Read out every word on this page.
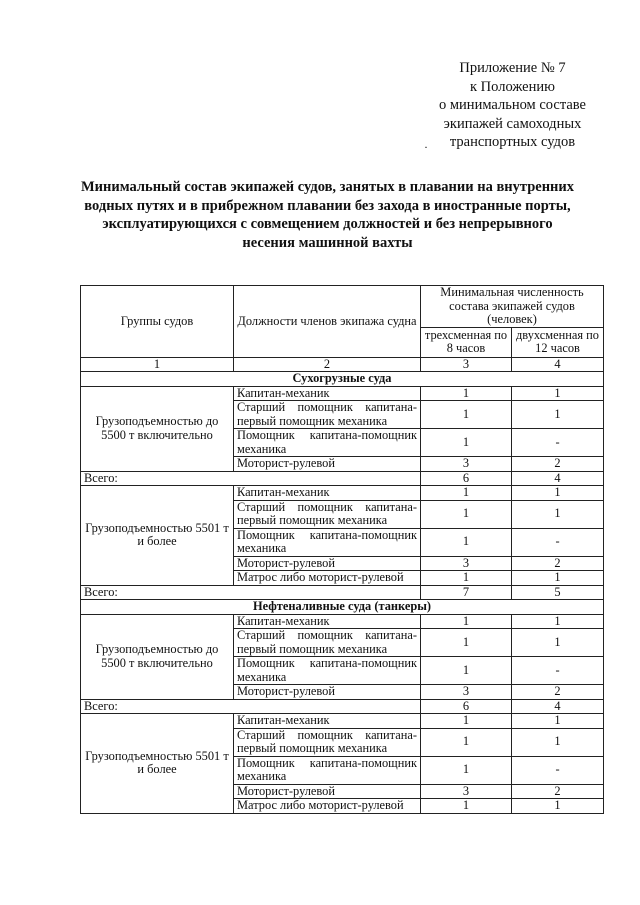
Приложение № 7
к Положению
о минимальном составе
экипажей самоходных
транспортных судов
·
Минимальный состав экипажей судов, занятых в плавании на внутренних
водных путях и в прибрежном плавании без захода в иностранные порты,
эксплуатирующихся с совмещением должностей и без непрерывного
несения машинной вахты
Группы судов	Должности членов экипажа судна	Минимальная численность состава экипажей судов (человек)	
		трехсменная по 8 часов	двухсменная по 12 часов
1	2	3	4
Сухогрузные суда			
Грузоподъемностью до 5500 т включительно	Капитан-механик	1	1
	Старший помощник капитана-первый помощник механика	1	1
	Помощник капитана-помощник механика	1	-
	Моторист-рулевой	3	2
Всего:		6	4
Грузоподъемностью 5501 т и более	Капитан-механик	1	1
	Старший помощник капитана-первый помощник механика	1	1
	Помощник капитана-помощник механика	1	-
	Моторист-рулевой	3	2
	Матрос либо моторист-рулевой	1	1
Всего:		7	5
Нефтеналивные суда (танкеры)			
Грузоподъемностью до 5500 т включительно	Капитан-механик	1	1
	Старший помощник капитана-первый помощник механика	1	1
	Помощник капитана-помощник механика	1	-
	Моторист-рулевой	3	2
Всего:		6	4
Грузоподъемностью 5501 т и более	Капитан-механик	1	1
	Старший помощник капитана-первый помощник механика	1	1
	Помощник капитана-помощник механика	1	-
	Моторист-рулевой	3	2
	Матрос либо моторист-рулевой	1	1
